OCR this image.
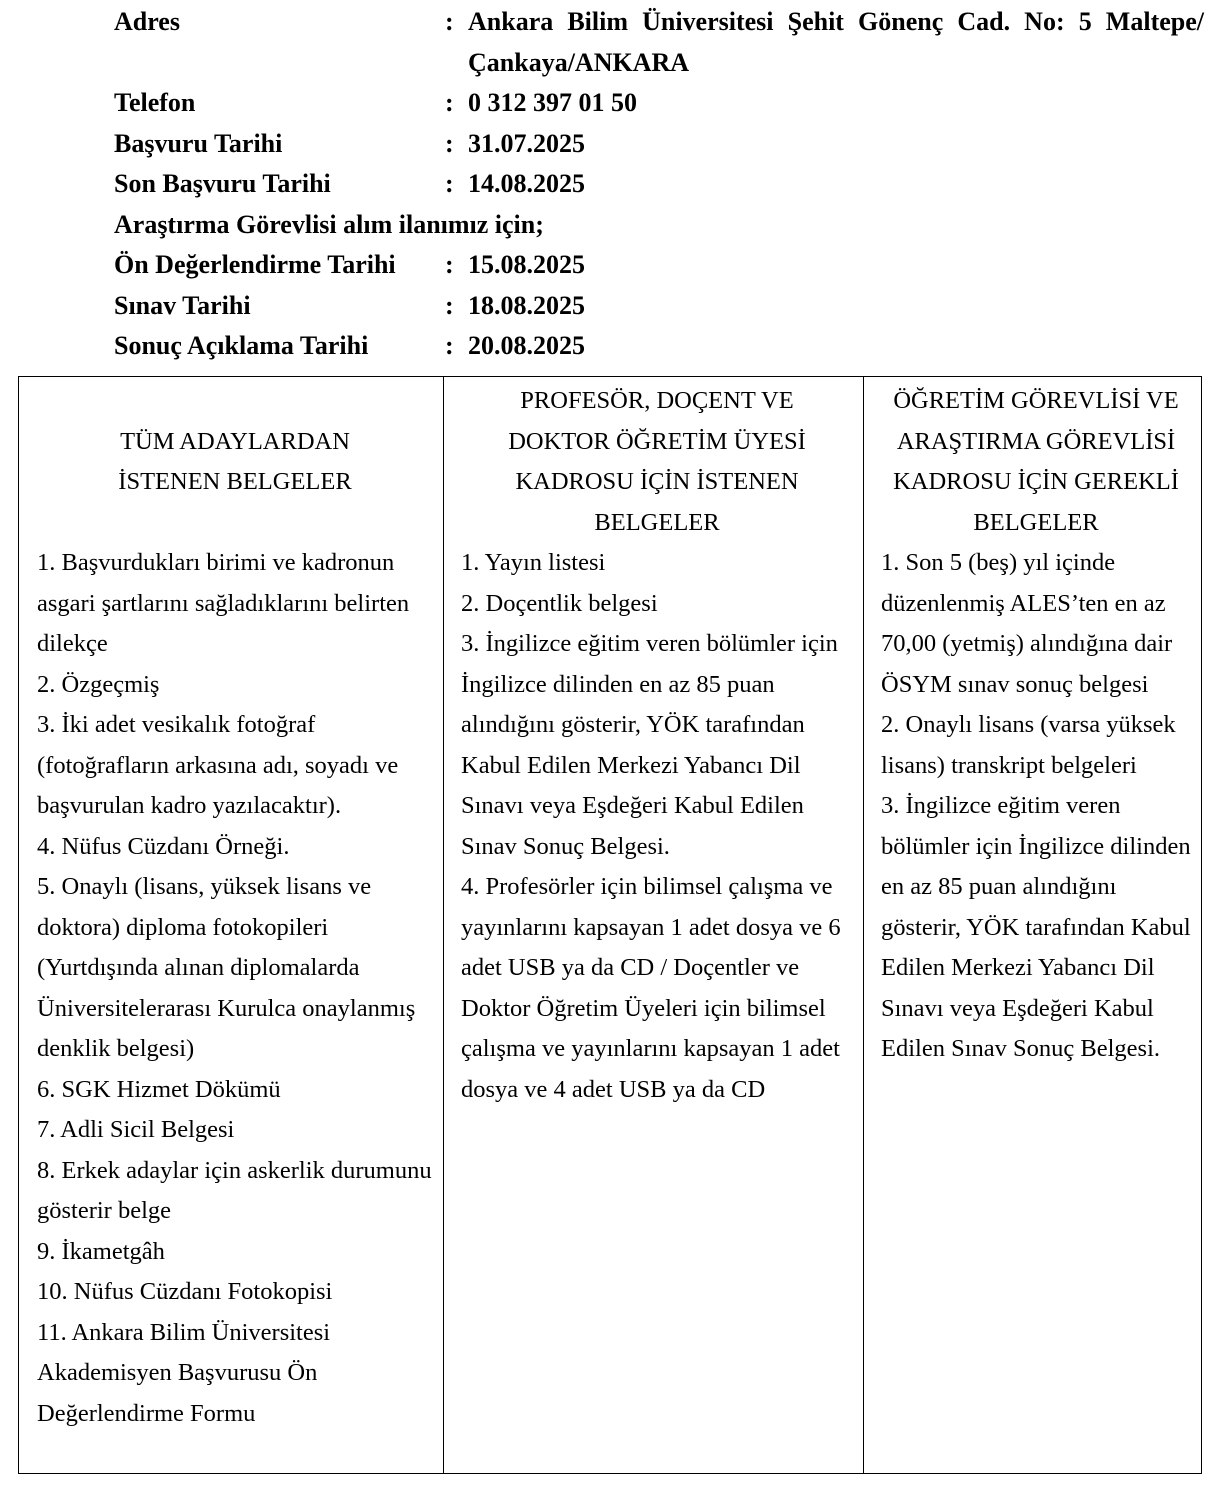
Adres	: Ankara Bilim Üniversitesi Şehit Gönenç Cad. No: 5 Maltepe/Çankaya/ANKARA
Telefon	: 0 312 397 01 50
Başvuru Tarihi	: 31.07.2025
Son Başvuru Tarihi	: 14.08.2025
Araştırma Görevlisi alım ilanımız için;
Ön Değerlendirme Tarihi	: 15.08.2025
Sınav Tarihi	: 18.08.2025
Sonuç Açıklama Tarihi	: 20.08.2025
TÜM ADAYLARDAN
İSTENEN BELGELER
1. Başvurdukları birimi ve kadronun asgari şartlarını sağladıklarını belirten dilekçe
2. Özgeçmiş
3. İki adet vesikalık fotoğraf (fotoğrafların arkasına adı, soyadı ve başvurulan kadro yazılacaktır).
4. Nüfus Cüzdanı Örneği.
5. Onaylı (lisans, yüksek lisans ve doktora) diploma fotokopileri (Yurtdışında alınan diplomalarda Üniversitelerarası Kurulca onaylanmış denklik belgesi)
6. SGK Hizmet Dökümü
7. Adli Sicil Belgesi
8. Erkek adaylar için askerlik durumunu gösterir belge
9. İkametgâh
10. Nüfus Cüzdanı Fotokopisi
11. Ankara Bilim Üniversitesi Akademisyen Başvurusu Ön Değerlendirme Formu

PROFESÖR, DOÇENT VE
DOKTOR ÖĞRETİM ÜYESİ
KADROSU İÇİN İSTENEN
BELGELER
1. Yayın listesi
2. Doçentlik belgesi
3. İngilizce eğitim veren bölümler için İngilizce dilinden en az 85 puan alındığını gösterir, YÖK tarafından Kabul Edilen Merkezi Yabancı Dil Sınavı veya Eşdeğeri Kabul Edilen Sınav Sonuç Belgesi.
4. Profesörler için bilimsel çalışma ve yayınlarını kapsayan 1 adet dosya ve 6 adet USB ya da CD / Doçentler ve Doktor Öğretim Üyeleri için bilimsel çalışma ve yayınlarını kapsayan 1 adet dosya ve 4 adet USB ya da CD

ÖĞRETİM GÖREVLİSİ VE
ARAŞTIRMA GÖREVLİSİ
KADROSU İÇİN GEREKLİ
BELGELER
1. Son 5 (beş) yıl içinde düzenlenmiş ALES’ten en az 70,00 (yetmiş) alındığına dair ÖSYM sınav sonuç belgesi
2. Onaylı lisans (varsa yüksek lisans) transkript belgeleri
3. İngilizce eğitim veren bölümler için İngilizce dilinden en az 85 puan alındığını gösterir, YÖK tarafından Kabul Edilen Merkezi Yabancı Dil Sınavı veya Eşdeğeri Kabul Edilen Sınav Sonuç Belgesi.
